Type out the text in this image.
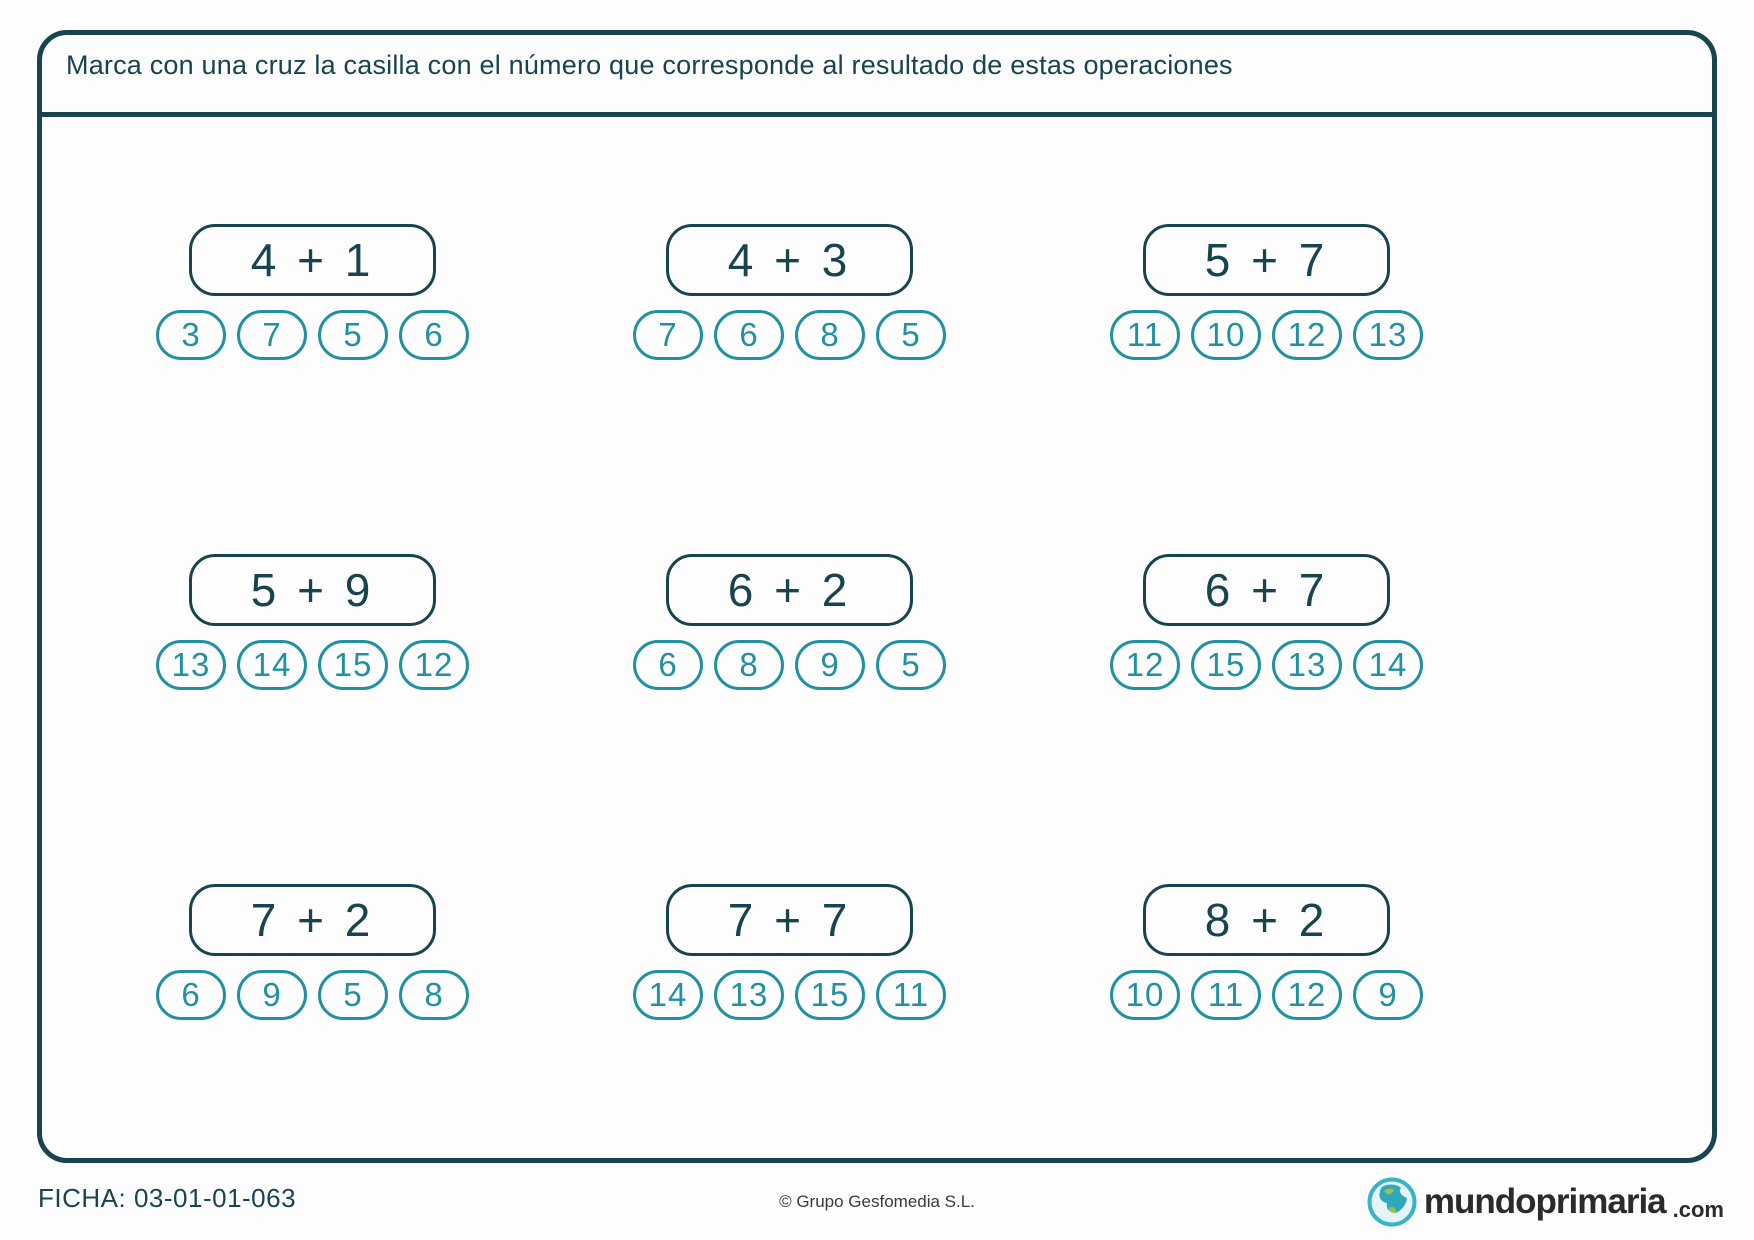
Marca con una cruz la casilla con el número que corresponde al resultado de estas operaciones

4 + 1
3	7	5	6
4 + 3
7	6	8	5
5 + 7
11	10	12	13
5 + 9
13	14	15	12
6 + 2
6	8	9	5
6 + 7
12	15	13	14
7 + 2
6	9	5	8
7 + 7
14	13	15	11
8 + 2
10	11	12	9
FICHA: 03-01-01-063	© Grupo Gesfomedia S.L.	mundoprimaria .com
